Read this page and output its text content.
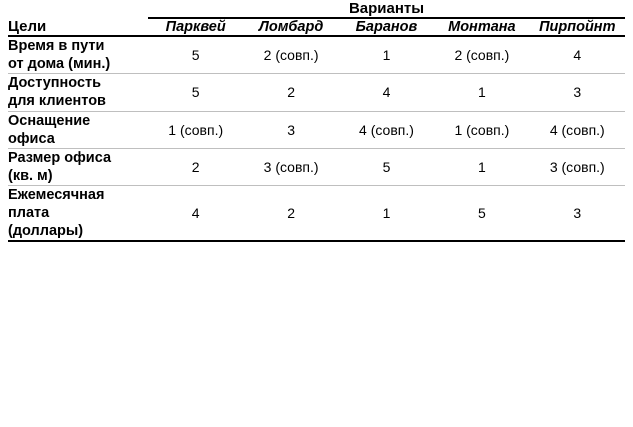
	Варианты				
Цели	Парквей	Ломбард	Баранов	Монтана	Пирпойнт

Время в пути
от дома (мин.)	5	2 (совп.)	1	2 (совп.)	4

Доступность
для клиентов	5	2	4	1	3

Оснащение
офиса	1 (совп.)	3	4 (совп.)	1 (совп.)	4 (совп.)

Размер офиса
(кв. м)	2	3 (совп.)	5	1	3 (совп.)

Ежемесячная
плата
(доллары)	4	2	1	5	3
